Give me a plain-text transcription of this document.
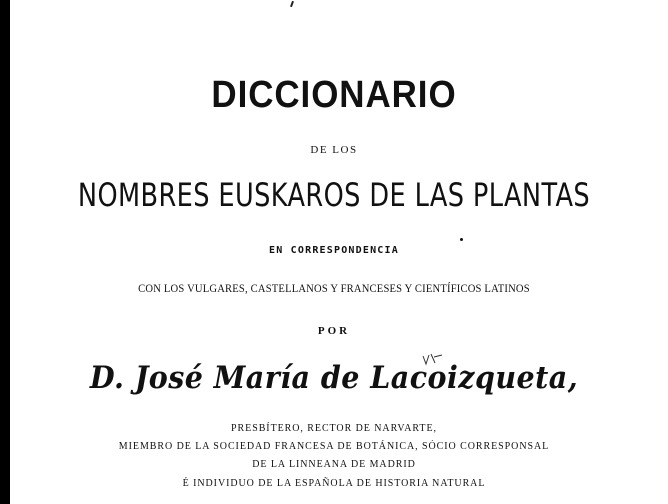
DICCIONARIO
DE LOS
NOMBRES EUSKAROS DE LAS PLANTAS
EN CORRESPONDENCIA
CON LOS VULGARES, CASTELLANOS Y FRANCESES Y CIENTÍFICOS LATINOS
POR
D. José María de Lacoizqueta,
PRESBÍTERO, RECTOR DE NARVARTE,
MIEMBRO DE LA SOCIEDAD FRANCESA DE BOTÁNICA, SÓCIO CORRESPONSAL
DE LA LINNEANA DE MADRID
É INDIVIDUO DE LA ESPAÑOLA DE HISTORIA NATURAL
